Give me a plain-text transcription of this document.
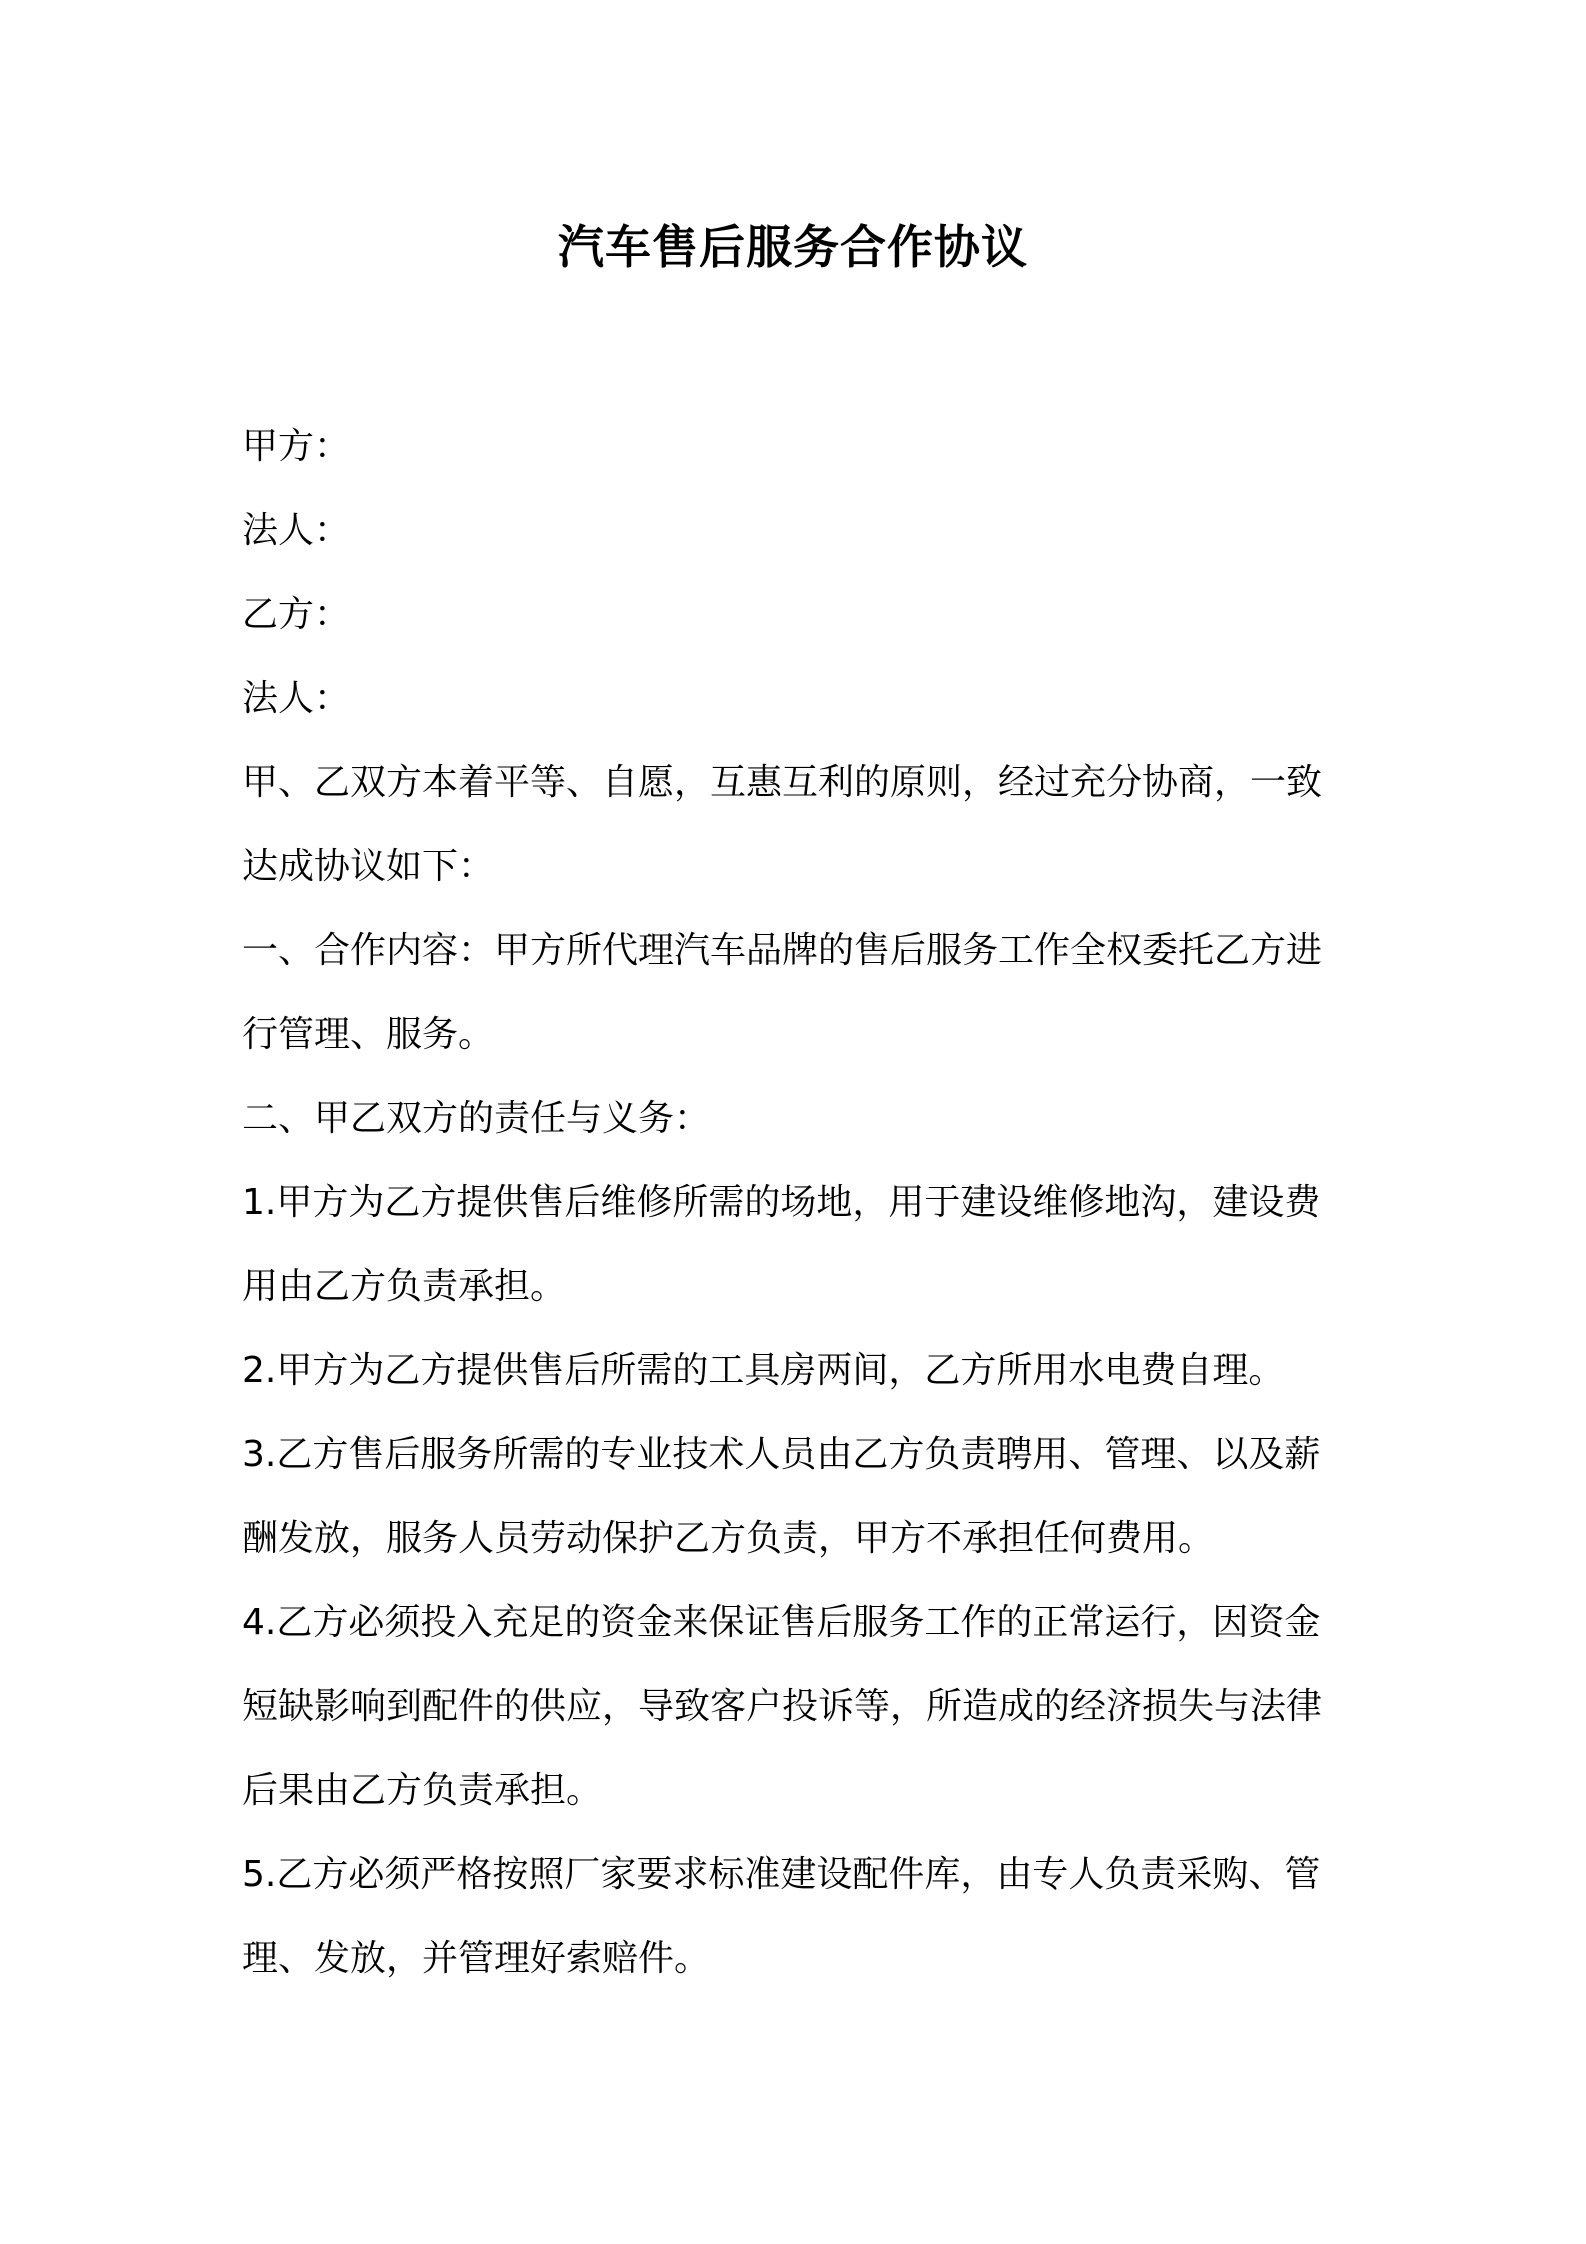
汽车售后服务合作协议
甲方：
法人：
乙方：
法人：
甲、乙双方本着平等、自愿，互惠互利的原则，经过充分协商，一致
达成协议如下：
一、合作内容：甲方所代理汽车品牌的售后服务工作全权委托乙方进
行管理、服务。
二、甲乙双方的责任与义务：
1.甲方为乙方提供售后维修所需的场地，用于建设维修地沟，建设费
用由乙方负责承担。
2.甲方为乙方提供售后所需的工具房两间，乙方所用水电费自理。
3.乙方售后服务所需的专业技术人员由乙方负责聘用、管理、以及薪
酬发放，服务人员劳动保护乙方负责，甲方不承担任何费用。
4.乙方必须投入充足的资金来保证售后服务工作的正常运行，因资金
短缺影响到配件的供应，导致客户投诉等，所造成的经济损失与法律
后果由乙方负责承担。
5.乙方必须严格按照厂家要求标准建设配件库，由专人负责采购、管
理、发放，并管理好索赔件。
